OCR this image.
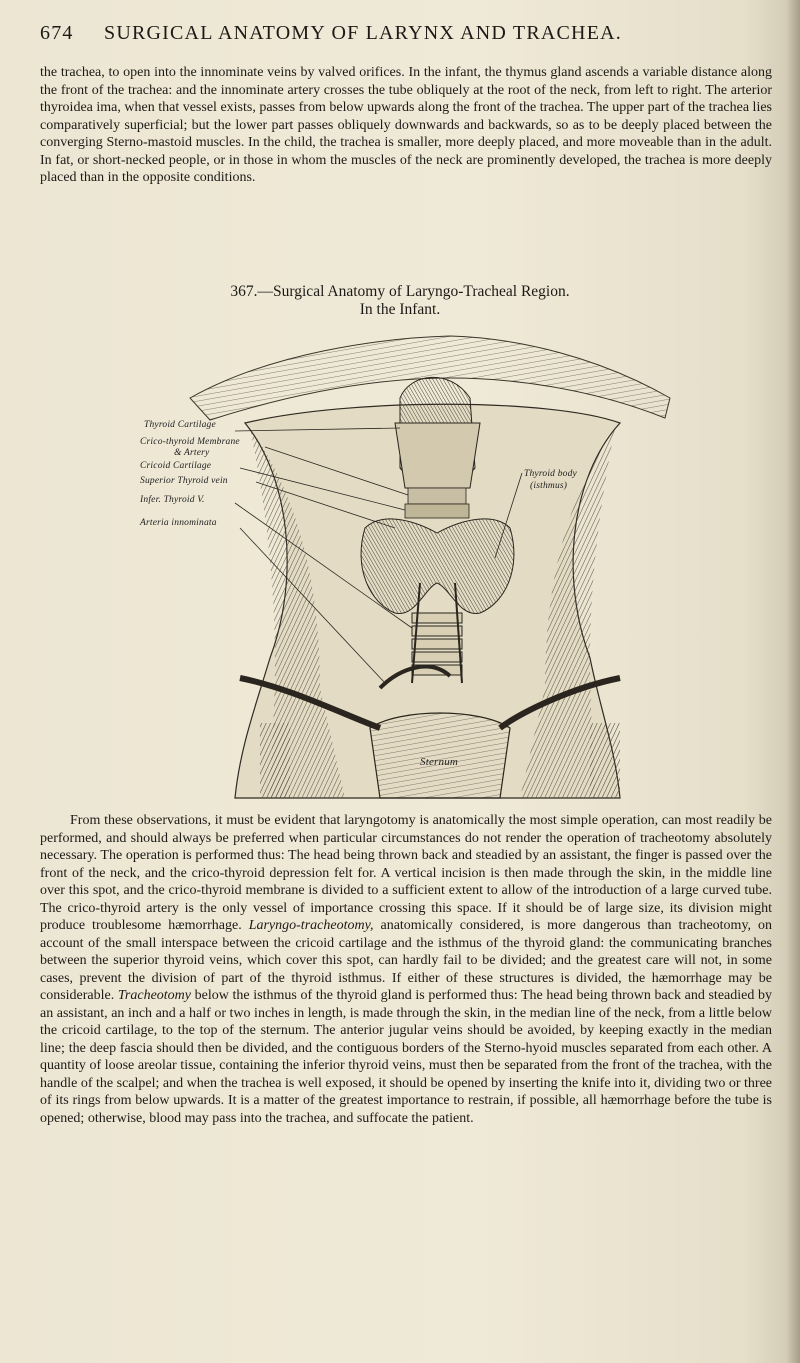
674 SURGICAL ANATOMY OF LARYNX AND TRACHEA.

the trachea, to open into the innominate veins by valved orifices. In the infant, the thymus gland ascends a variable distance along the front of the trachea: and the innominate artery crosses the tube obliquely at the root of the neck, from left to right. The arterior thyroidea ima, when that vessel exists, passes from below upwards along the front of the trachea. The upper part of the trachea lies comparatively superficial; but the lower part passes obliquely downwards and backwards, so as to be deeply placed between the converging Sterno-mastoid muscles. In the child, the trachea is smaller, more deeply placed, and more moveable than in the adult. In fat, or short-necked people, or in those in whom the muscles of the neck are prominently developed, the trachea is more deeply placed than in the opposite conditions.

367.—Surgical Anatomy of Laryngo-Tracheal Region.
In the Infant.
Thyroid Cartilage
Crico-thyroid Membrane
& Artery
Cricoid Cartilage
Superior Thyroid vein
Infer. Thyroid V.
Arteria innominata
Thyroid body
(isthmus)
Sternum

From these observations, it must be evident that laryngotomy is anatomically the most simple operation, can most readily be performed, and should always be preferred when particular circumstances do not render the operation of tracheotomy absolutely necessary. The operation is performed thus: The head being thrown back and steadied by an assistant, the finger is passed over the front of the neck, and the crico-thyroid depression felt for. A vertical incision is then made through the skin, in the middle line over this spot, and the crico-thyroid membrane is divided to a sufficient extent to allow of the introduction of a large curved tube. The crico-thyroid artery is the only vessel of importance crossing this space. If it should be of large size, its division might produce troublesome hæmorrhage. Laryngo-tracheotomy, anatomically considered, is more dangerous than tracheotomy, on account of the small interspace between the cricoid cartilage and the isthmus of the thyroid gland: the communicating branches between the superior thyroid veins, which cover this spot, can hardly fail to be divided; and the greatest care will not, in some cases, prevent the division of part of the thyroid isthmus. If either of these structures is divided, the hæmorrhage may be considerable. Tracheotomy below the isthmus of the thyroid gland is performed thus: The head being thrown back and steadied by an assistant, an inch and a half or two inches in length, is made through the skin, in the median line of the neck, from a little below the cricoid cartilage, to the top of the sternum. The anterior jugular veins should be avoided, by keeping exactly in the median line; the deep fascia should then be divided, and the contiguous borders of the Sterno-hyoid muscles separated from each other. A quantity of loose areolar tissue, containing the inferior thyroid veins, must then be separated from the front of the trachea, with the handle of the scalpel; and when the trachea is well exposed, it should be opened by inserting the knife into it, dividing two or three of its rings from below upwards. It is a matter of the greatest importance to restrain, if possible, all hæmorrhage before the tube is opened; otherwise, blood may pass into the trachea, and suffocate the patient.
